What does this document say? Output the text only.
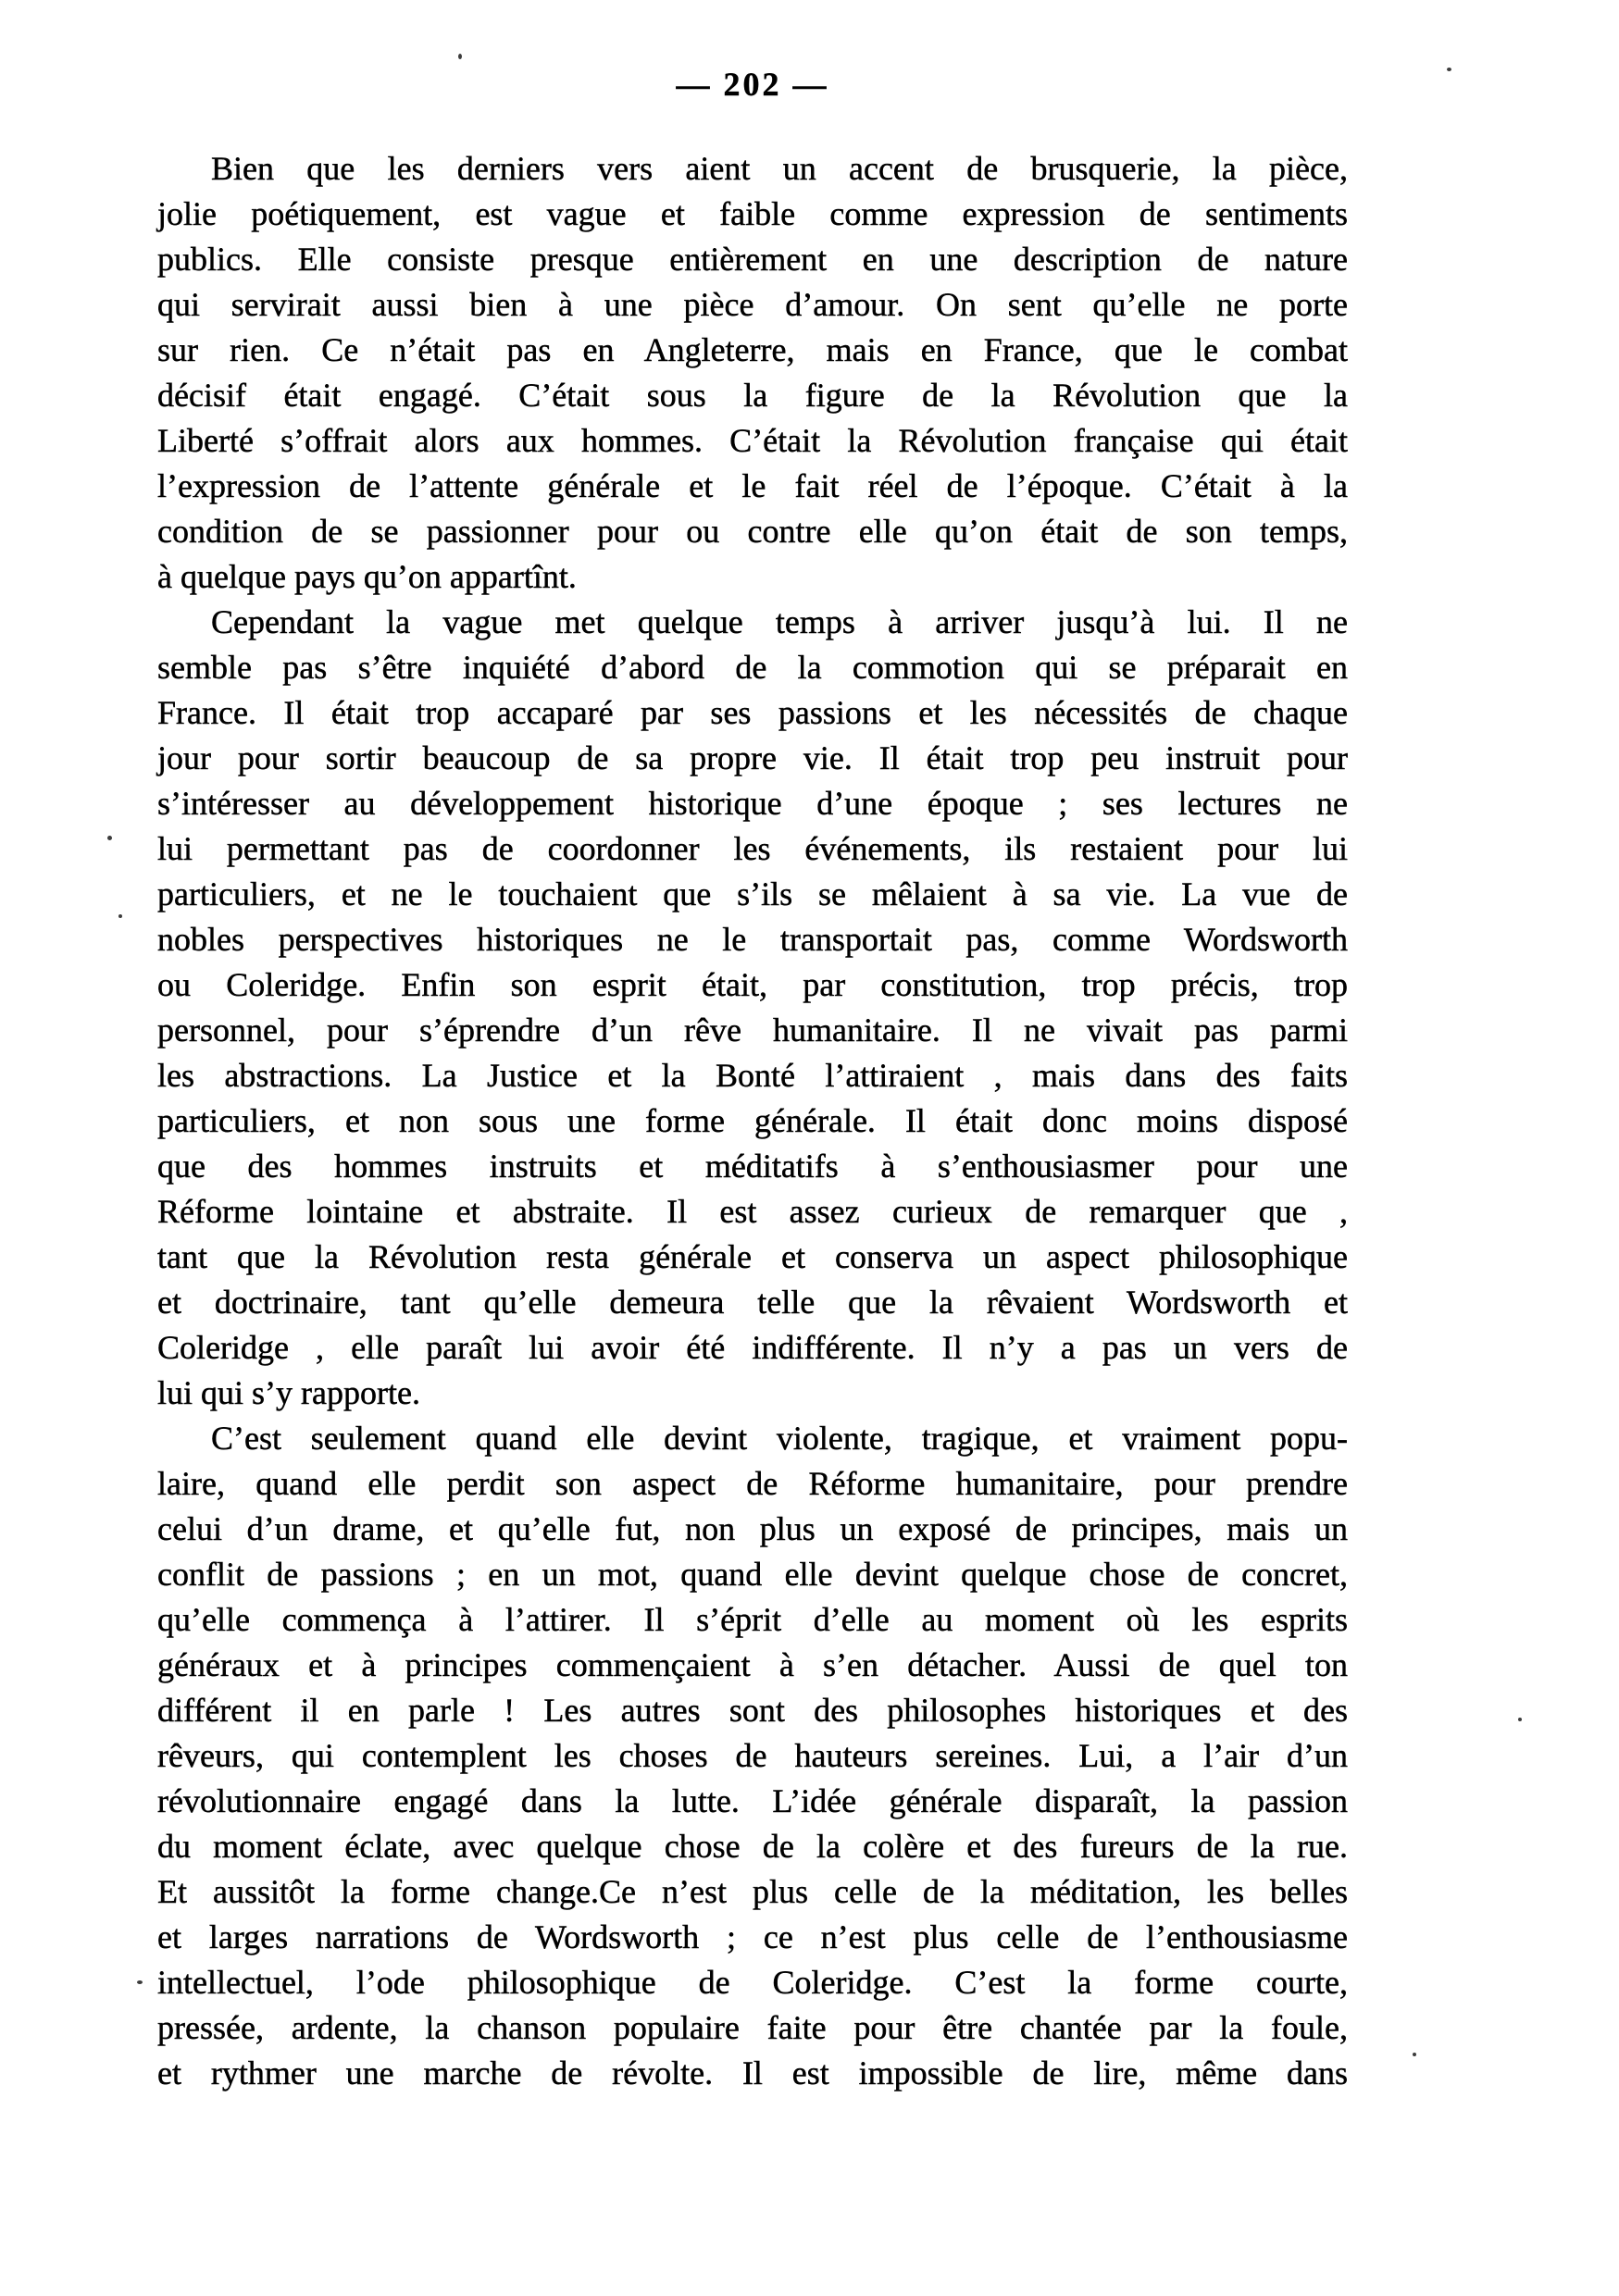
— 202 —
Bien que les derniers vers aient un accent de brusquerie, la pièce,
jolie poétiquement, est vague et faible comme expression de sentiments
publics. Elle consiste presque entièrement en une description de nature
qui servirait aussi bien à une pièce d’amour. On sent qu’elle ne porte
sur rien. Ce n’était pas en Angleterre, mais en France, que le combat
décisif était engagé. C’était sous la figure de la Révolution que la
Liberté s’offrait alors aux hommes. C’était la Révolution française qui était
l’expression de l’attente générale et le fait réel de l’époque. C’était à la
condition de se passionner pour ou contre elle qu’on était de son temps,
à quelque pays qu’on appartînt.
Cependant la vague met quelque temps à arriver jusqu’à lui. Il ne
semble pas s’être inquiété d’abord de la commotion qui se préparait en
France. Il était trop accaparé par ses passions et les nécessités de chaque
jour pour sortir beaucoup de sa propre vie. Il était trop peu instruit pour
s’intéresser au développement historique d’une époque ; ses lectures ne
lui permettant pas de coordonner les événements, ils restaient pour lui
particuliers, et ne le touchaient que s’ils se mêlaient à sa vie. La vue de
nobles perspectives historiques ne le transportait pas, comme Wordsworth
ou Coleridge. Enfin son esprit était, par constitution, trop précis, trop
personnel, pour s’éprendre d’un rêve humanitaire. Il ne vivait pas parmi
les abstractions. La Justice et la Bonté l’attiraient , mais dans des faits
particuliers, et non sous une forme générale. Il était donc moins disposé
que des hommes instruits et méditatifs à s’enthousiasmer pour une
Réforme lointaine et abstraite. Il est assez curieux de remarquer que ,
tant que la Révolution resta générale et conserva un aspect philosophique
et doctrinaire, tant qu’elle demeura telle que la rêvaient Wordsworth et
Coleridge , elle paraît lui avoir été indifférente. Il n’y a pas un vers de
lui qui s’y rapporte.
C’est seulement quand elle devint violente, tragique, et vraiment popu-
laire, quand elle perdit son aspect de Réforme humanitaire, pour prendre
celui d’un drame, et qu’elle fut, non plus un exposé de principes, mais un
conflit de passions ; en un mot, quand elle devint quelque chose de concret,
qu’elle commença à l’attirer. Il s’éprit d’elle au moment où les esprits
généraux et à principes commençaient à s’en détacher. Aussi de quel ton
différent il en parle ! Les autres sont des philosophes historiques et des
rêveurs, qui contemplent les choses de hauteurs sereines. Lui, a l’air d’un
révolutionnaire engagé dans la lutte. L’idée générale disparaît, la passion
du moment éclate, avec quelque chose de la colère et des fureurs de la rue.
Et aussitôt la forme change.Ce n’est plus celle de la méditation, les belles
et larges narrations de Wordsworth ; ce n’est plus celle de l’enthousiasme
intellectuel, l’ode philosophique de Coleridge. C’est la forme courte,
pressée, ardente, la chanson populaire faite pour être chantée par la foule,
et rythmer une marche de révolte. Il est impossible de lire, même dans
